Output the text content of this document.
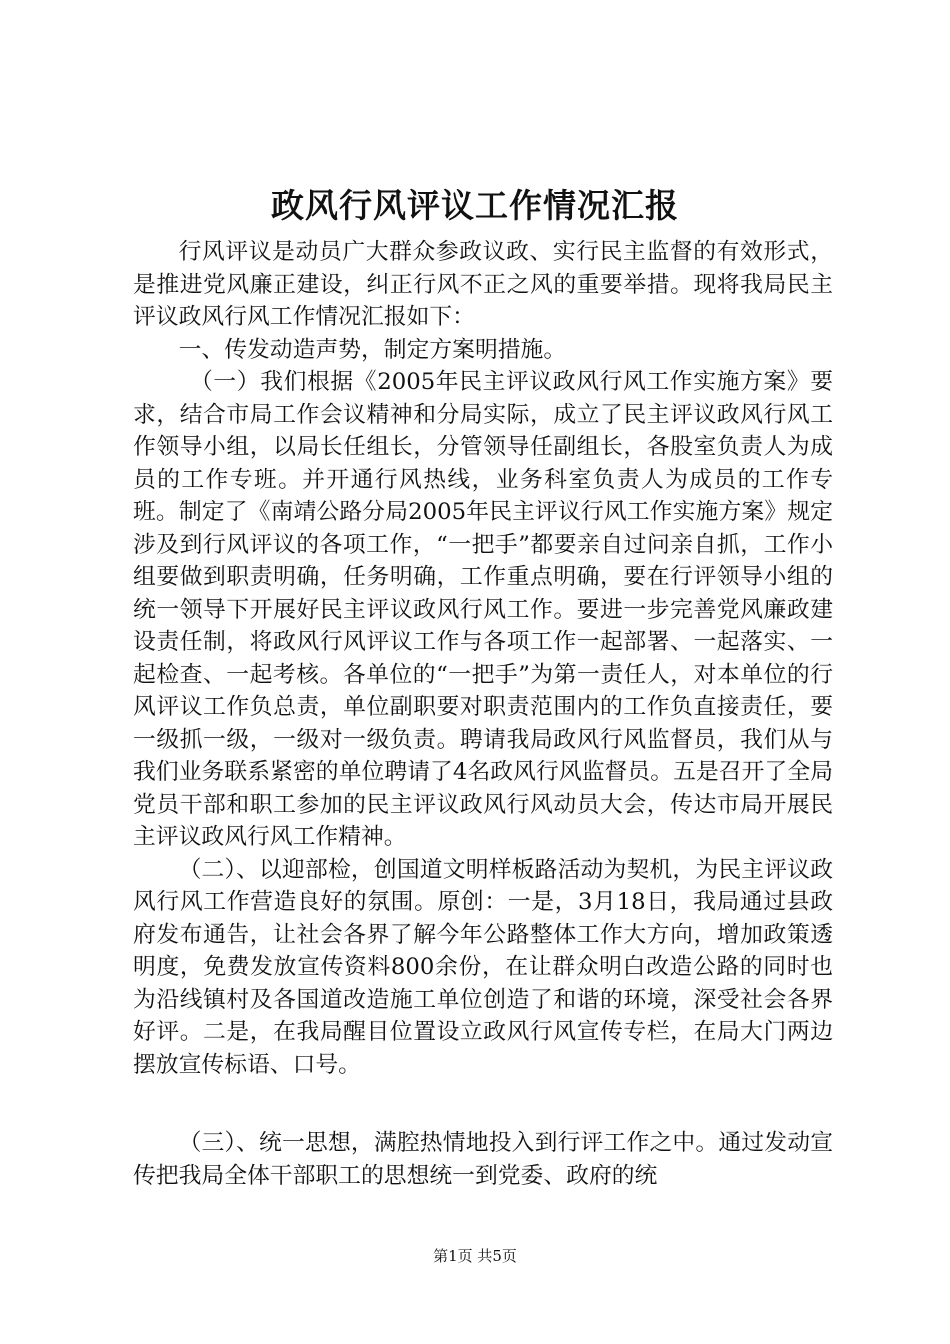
政风行风评议工作情况汇报

行风评议是动员广大群众参政议政、实行民主监督的有效形式，是推进党风廉正建设，纠正行风不正之风的重要举措。现将我局民主评议政风行风工作情况汇报如下：

一、传发动造声势，制定方案明措施。

（一）我们根据《2005年民主评议政风行风工作实施方案》要求，结合市局工作会议精神和分局实际，成立了民主评议政风行风工作领导小组，以局长任组长，分管领导任副组长，各股室负责人为成员的工作专班。并开通行风热线，业务科室负责人为成员的工作专班。制定了《南靖公路分局2005年民主评议行风工作实施方案》规定涉及到行风评议的各项工作，“一把手”都要亲自过问亲自抓，工作小组要做到职责明确，任务明确，工作重点明确，要在行评领导小组的统一领导下开展好民主评议政风行风工作。要进一步完善党风廉政建设责任制，将政风行风评议工作与各项工作一起部署、一起落实、一起检查、一起考核。各单位的“一把手”为第一责任人，对本单位的行风评议工作负总责，单位副职要对职责范围内的工作负直接责任，要一级抓一级，一级对一级负责。聘请我局政风行风监督员，我们从与我们业务联系紧密的单位聘请了4名政风行风监督员。五是召开了全局党员干部和职工参加的民主评议政风行风动员大会，传达市局开展民主评议政风行风工作精神。

（二）、以迎部检，创国道文明样板路活动为契机，为民主评议政风行风工作营造良好的氛围。原创：一是，3月18日，我局通过县政府发布通告，让社会各界了解今年公路整体工作大方向，增加政策透明度，免费发放宣传资料800余份，在让群众明白改造公路的同时也为沿线镇村及各国道改造施工单位创造了和谐的环境，深受社会各界好评。二是，在我局醒目位置设立政风行风宣传专栏，在局大门两边摆放宣传标语、口号。

（三）、统一思想，满腔热情地投入到行评工作之中。通过发动宣传把我局全体干部职工的思想统一到党委、政府的统

第1页 共5页
